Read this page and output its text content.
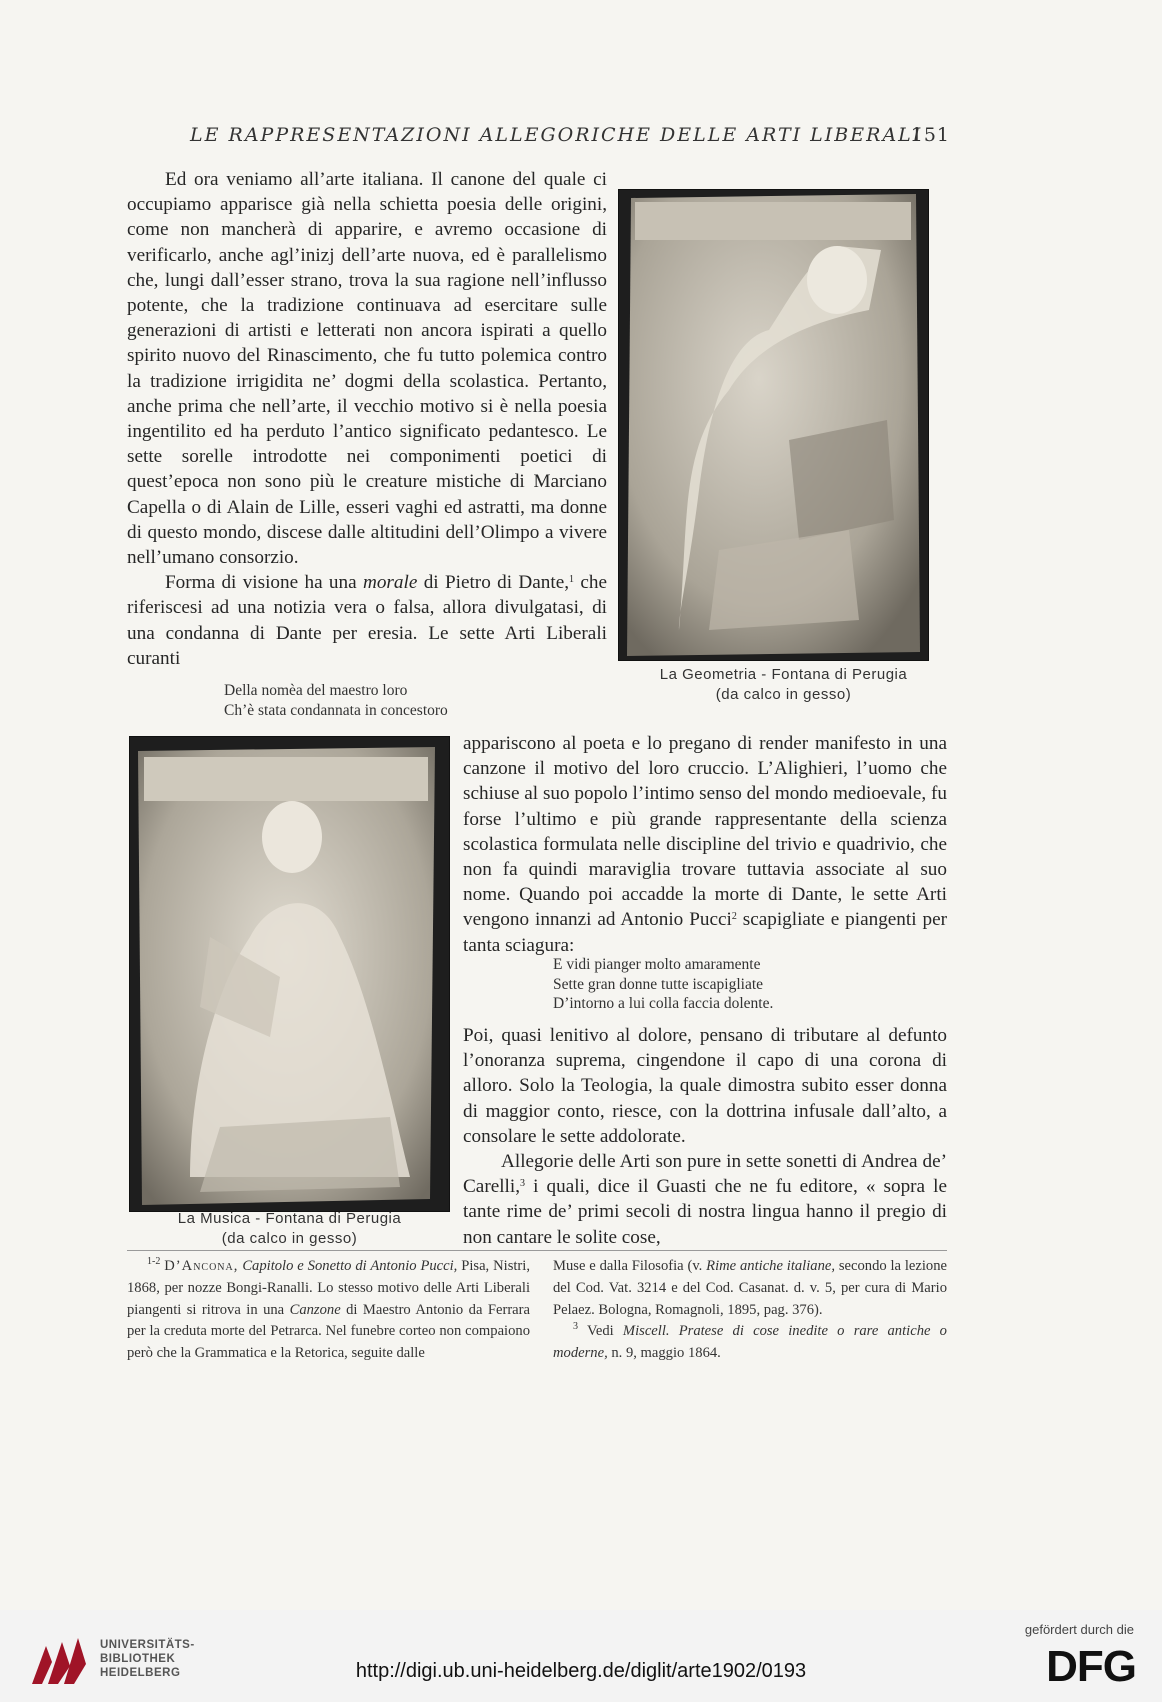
LE RAPPRESENTAZIONI ALLEGORICHE DELLE ARTI LIBERALI
151

Ed ora veniamo all’arte italiana. Il canone del quale ci occupiamo apparisce già nella schietta poesia delle origini, come non mancherà di apparire, e avremo occasione di verificarlo, anche agl’inizj dell’arte nuova, ed è parallelismo che, lungi dall’esser strano, trova la sua ragione nell’influsso potente, che la tradizione continuava ad esercitare sulle generazioni di artisti e letterati non ancora ispirati a quello spirito nuovo del Rinascimento, che fu tutto polemica contro la tradizione irrigidita ne’ dogmi della scolastica. Pertanto, anche prima che nell’arte, il vecchio motivo si è nella poesia ingentilito ed ha perduto l’antico significato pedantesco. Le sette sorelle introdotte nei componimenti poetici di quest’epoca non sono più le creature mistiche di Marciano Capella o di Alain de Lille, esseri vaghi ed astratti, ma donne di questo mondo, discese dalle altitudini dell’Olimpo a vivere nell’umano consorzio.

Forma di visione ha una morale di Pietro di Dante,$^1$ che riferiscesi ad una notizia vera o falsa, allora divulgatasi, di una condanna di Dante per eresia. Le sette Arti Liberali curanti

Della nomèa del maestro loro
Ch’è stata condannata in concestoro
La Geometria - Fontana di Perugia
(da calco in gesso)
La Musica - Fontana di Perugia
(da calco in gesso)

appariscono al poeta e lo pregano di render manifesto in una canzone il motivo del loro cruccio. L’Alighieri, l’uomo che schiuse al suo popolo l’intimo senso del mondo medioevale, fu forse l’ultimo e più grande rappresentante della scienza scolastica formulata nelle discipline del trivio e quadrivio, che non fa quindi maraviglia trovare tuttavia associate al suo nome. Quando poi accadde la morte di Dante, le sette Arti vengono innanzi ad Antonio Pucci$^2$ scapigliate e piangenti per tanta sciagura:

E vidi pianger molto amaramente
Sette gran donne tutte iscapigliate
D’intorno a lui colla faccia dolente.

Poi, quasi lenitivo al dolore, pensano di tributare al defunto l’onoranza suprema, cingendone il capo di una corona di alloro. Solo la Teologia, la quale dimostra subito esser donna di maggior conto, riesce, con la dottrina infusale dall’alto, a consolare le sette addolorate.

Allegorie delle Arti son pure in sette sonetti di Andrea de’ Carelli,$^3$ i quali, dice il Guasti che ne fu editore, « sopra le tante rime de’ primi secoli di nostra lingua hanno il pregio di non cantare le solite cose,

$^{1-2}$ D’Ancona, Capitolo e Sonetto di Antonio Pucci, Pisa, Nistri, 1868, per nozze Bongi-Ranalli. Lo stesso motivo delle Arti Liberali piangenti si ritrova in una Canzone di Maestro Antonio da Ferrara per la creduta morte del Petrarca. Nel funebre corteo non compaiono però che la Grammatica e la Retorica, seguite dalle

Muse e dalla Filosofia (v. Rime antiche italiane, secondo la lezione del Cod. Vat. 3214 e del Cod. Casanat. d. v. 5, per cura di Mario Pelaez. Bologna, Romagnoli, 1895, pag. 376).

$^3$ Vedi Miscell. Pratese di cose inedite o rare antiche o moderne, n. 9, maggio 1864.

UNIVERSITÄTS-
BIBLIOTHEK
HEIDELBERG	http://digi.ub.uni-heidelberg.de/diglit/arte1902/0193
gefördert durch die
DFG
